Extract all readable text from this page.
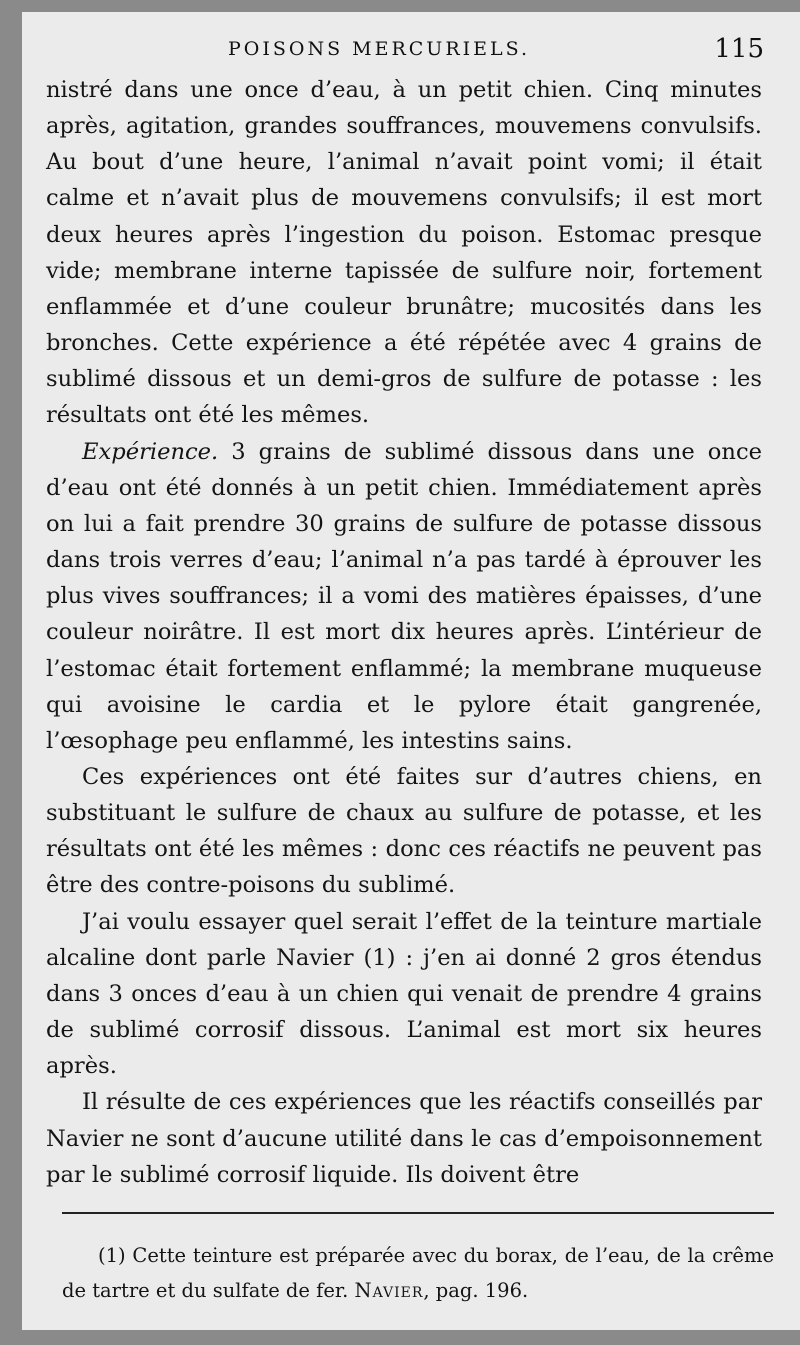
POISONS MERCURIELS.	115

nistré dans une once d’eau, à un petit chien. Cinq minutes après, agitation, grandes souffrances, mouvemens convulsifs. Au bout d’une heure, l’animal n’avait point vomi; il était calme et n’avait plus de mouvemens convulsifs; il est mort deux heures après l’ingestion du poison. Estomac presque vide; membrane interne tapissée de sulfure noir, fortement enflammée et d’une couleur brunâtre; mucosités dans les bronches. Cette expérience a été répétée avec 4 grains de sublimé dissous et un demi-gros de sulfure de potasse : les résultats ont été les mêmes.

Expérience. 3 grains de sublimé dissous dans une once d’eau ont été donnés à un petit chien. Immédiatement après on lui a fait prendre 30 grains de sulfure de potasse dissous dans trois verres d’eau; l’animal n’a pas tardé à éprouver les plus vives souffrances; il a vomi des matières épaisses, d’une couleur noirâtre. Il est mort dix heures après. L’intérieur de l’estomac était fortement enflammé; la membrane muqueuse qui avoisine le cardia et le pylore était gangrenée, l’œsophage peu enflammé, les intestins sains.

Ces expériences ont été faites sur d’autres chiens, en substituant le sulfure de chaux au sulfure de potasse, et les résultats ont été les mêmes : donc ces réactifs ne peuvent pas être des contre-poisons du sublimé.

J’ai voulu essayer quel serait l’effet de la teinture martiale alcaline dont parle Navier (1) : j’en ai donné 2 gros étendus dans 3 onces d’eau à un chien qui venait de prendre 4 grains de sublimé corrosif dissous. L’animal est mort six heures après.

Il résulte de ces expériences que les réactifs conseillés par Navier ne sont d’aucune utilité dans le cas d’empoisonnement par le sublimé corrosif liquide. Ils doivent être

(1) Cette teinture est préparée avec du borax, de l’eau, de la crême de tartre et du sulfate de fer. Navier, pag. 196.
